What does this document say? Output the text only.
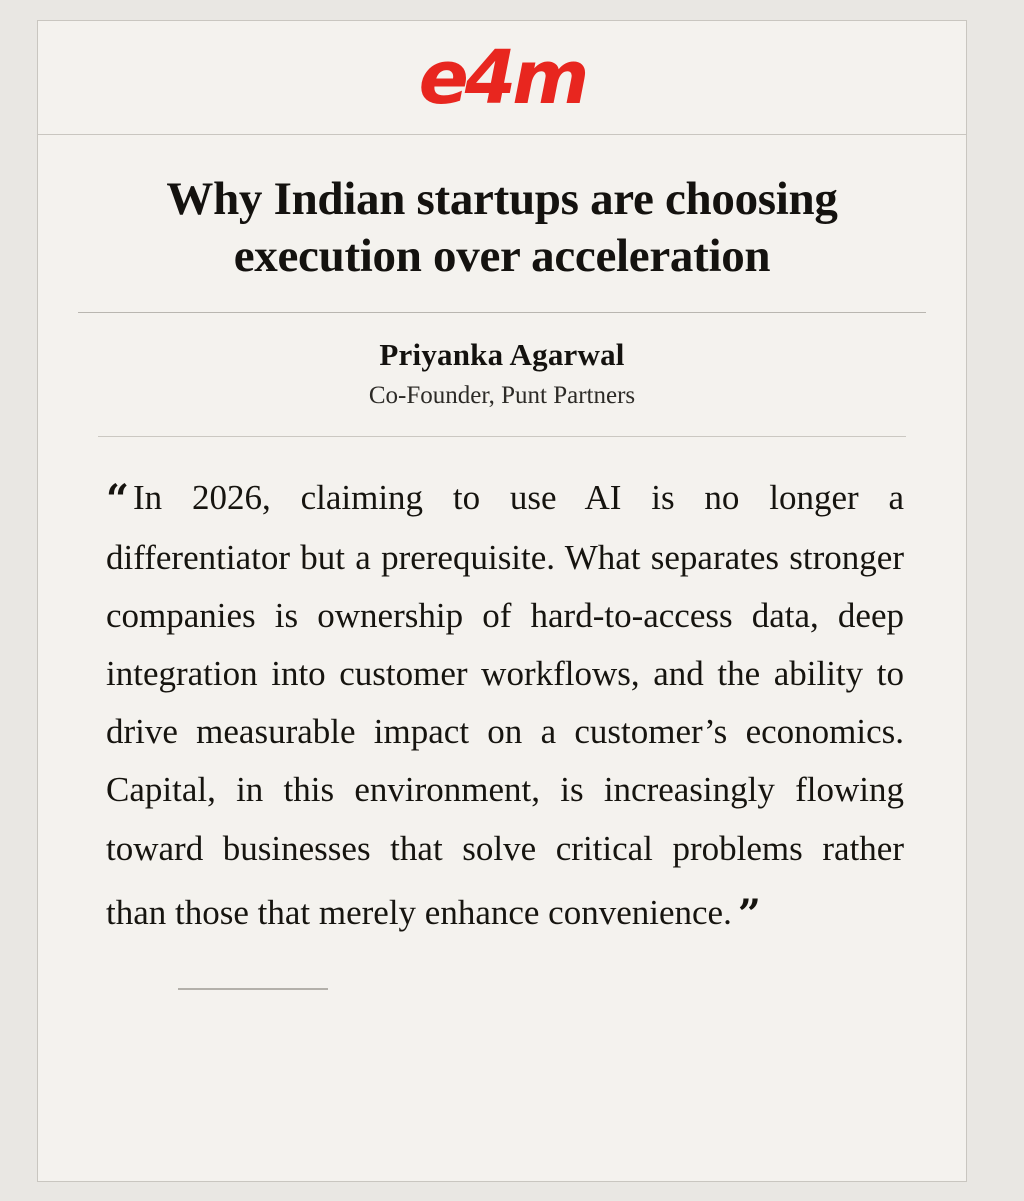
e4m
Why Indian startups are choosing execution over acceleration

Priyanka Agarwal

Co-Founder, Punt Partners

“ In 2026, claiming to use AI is no longer a differentiator but a prerequisite. What separates stronger companies is ownership of hard-to-access data, deep integration into customer workflows, and the ability to drive measurable impact on a customer’s economics. Capital, in this environment, is increasingly flowing toward businesses that solve critical problems rather than those that merely enhance convenience. ”
